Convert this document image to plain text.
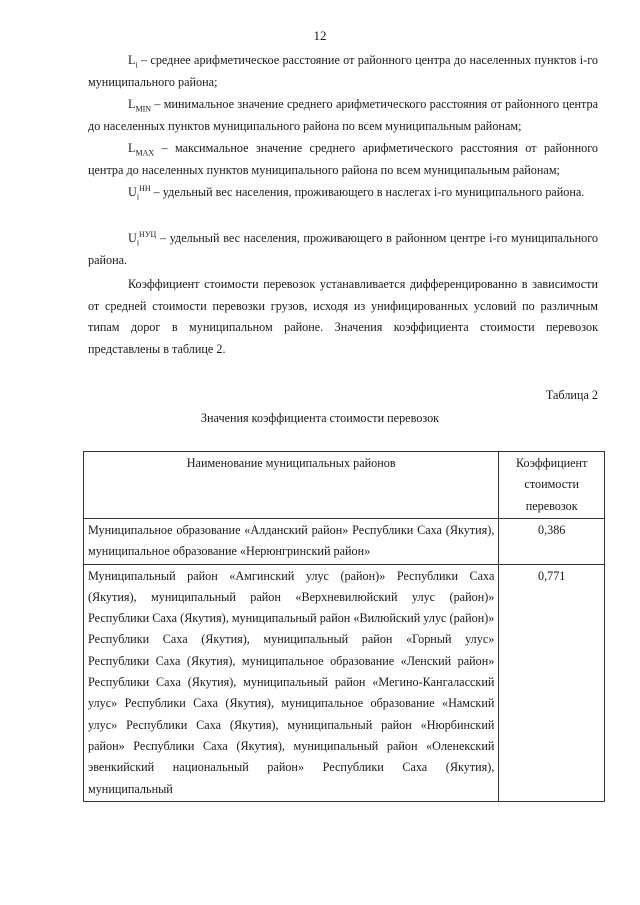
12
$L_i$ – среднее арифметическое расстояние от районного центра до населенных пунктов i-го муниципального района;
$L_{MIN}$ – минимальное значение среднего арифметического расстояния от районного центра до населенных пунктов муниципального района по всем муниципальным районам;
$L_{MAX}$ – максимальное значение среднего арифметического расстояния от районного центра до населенных пунктов муниципального района по всем муниципальным районам;
$U_i^{НН}$ – удельный вес населения, проживающего в наслегах i-го муниципального района.
$U_i^{НУЦ}$ – удельный вес населения, проживающего в районном центре i-го муниципального района.
Коэффициент стоимости перевозок устанавливается дифференцированно в зависимости от средней стоимости перевозки грузов, исходя из унифицированных условий по различным типам дорог в муниципальном районе. Значения коэффициента стоимости перевозок представлены в таблице 2.
Таблица 2
Значения коэффициента стоимости перевозок
Наименование муниципальных районов	Коэффициент стоимости перевозок
Муниципальное образование «Алданский район» Республики Саха (Якутия), муниципальное образование «Нерюнгринский район»	0,386
Муниципальный район «Амгинский улус (район)» Республики Саха (Якутия), муниципальный район «Верхневилюйский улус (район)» Республики Саха (Якутия), муниципальный район «Вилюйский улус (район)» Республики Саха (Якутия), муниципальный район «Горный улус» Республики Саха (Якутия), муниципальное образование «Ленский район» Республики Саха (Якутия), муниципальный район «Мегино-Кангаласский улус» Республики Саха (Якутия), муниципальное образование «Намский улус» Республики Саха (Якутия), муниципальный район «Нюрбинский район» Республики Саха (Якутия), муниципальный район «Оленекский эвенкийский национальный район» Республики Саха (Якутия), муниципальный	0,771
